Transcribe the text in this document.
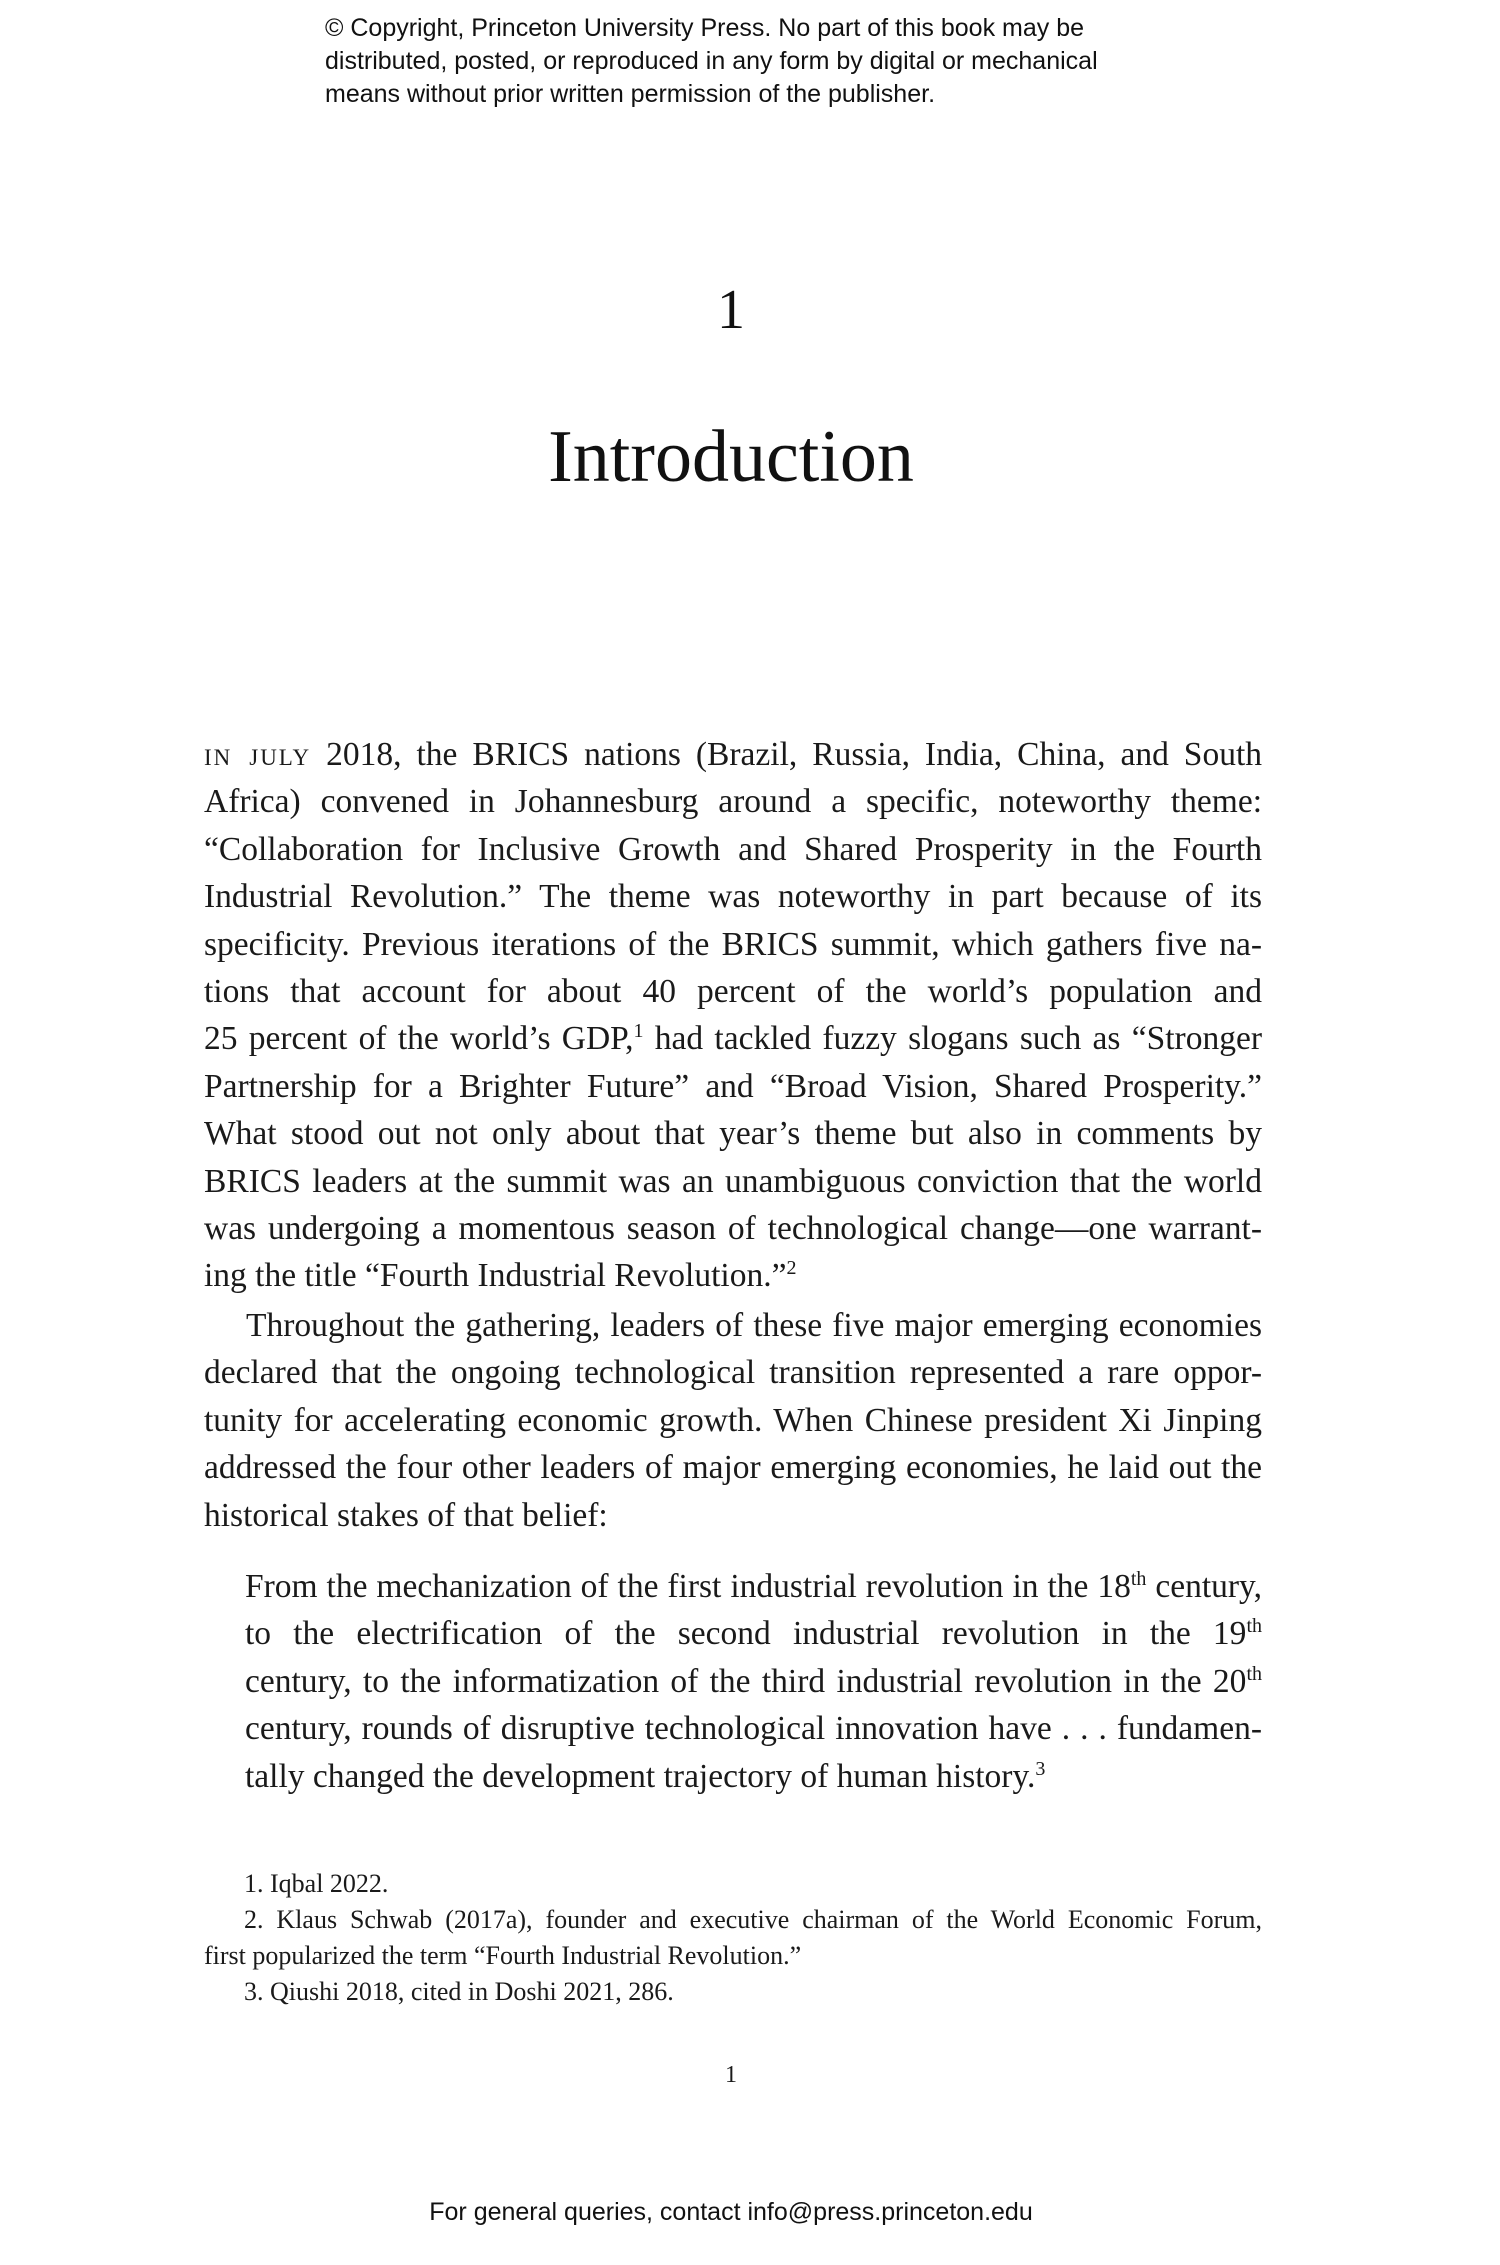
© Copyright, Princeton University Press. No part of this book may be
distributed, posted, or reproduced in any form by digital or mechanical
means without prior written permission of the publisher.
1
Introduction
in july 2018, the BRICS nations (Brazil, Russia, India, China, and South
Africa) convened in Johannesburg around a specific, noteworthy theme:
“Collaboration for Inclusive Growth and Shared Prosperity in the Fourth
Industrial Revolution.” The theme was noteworthy in part because of its
specificity. Previous iterations of the BRICS summit, which gathers five na-
tions that account for about 40 percent of the world’s population and
25 percent of the world’s GDP,$^1$ had tackled fuzzy slogans such as “Stronger
Partnership for a Brighter Future” and “Broad Vision, Shared Prosperity.”
What stood out not only about that year’s theme but also in comments by
BRICS leaders at the summit was an unambiguous conviction that the world
was undergoing a momentous season of technological change—one warrant-
ing the title “Fourth Industrial Revolution.”$^2$
Throughout the gathering, leaders of these five major emerging economies
declared that the ongoing technological transition represented a rare oppor-
tunity for accelerating economic growth. When Chinese president Xi Jinping
addressed the four other leaders of major emerging economies, he laid out the
historical stakes of that belief:
From the mechanization of the first industrial revolution in the 18th century,
to the electrification of the second industrial revolution in the 19th
century, to the informatization of the third industrial revolution in the 20th
century, rounds of disruptive technological innovation have . . . fundamen-
tally changed the development trajectory of human history.$^3$
1. Iqbal 2022.
2. Klaus Schwab (2017a), founder and executive chairman of the World Economic Forum,
first popularized the term “Fourth Industrial Revolution.”
3. Qiushi 2018, cited in Doshi 2021, 286.
1
For general queries, contact info@press.princeton.edu
